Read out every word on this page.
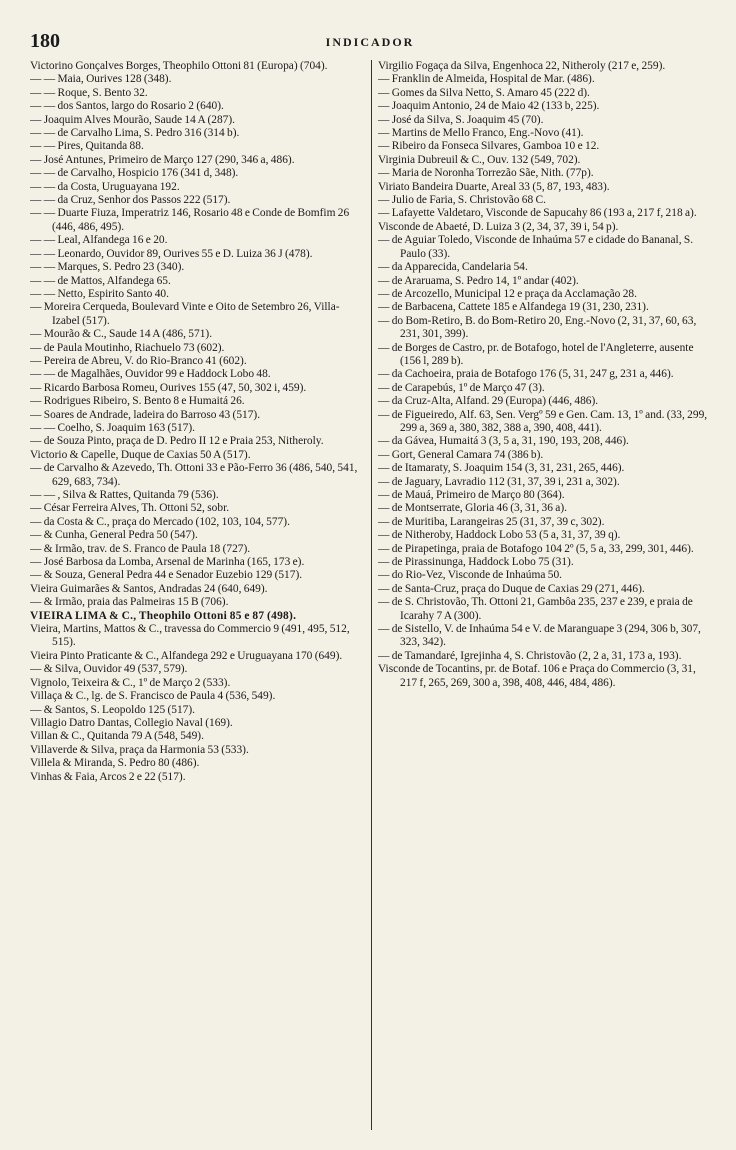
180	INDICADOR

Victorino Gonçalves Borges, Theophilo Ottoni 81 (Europa) (704).

— — Maia, Ourives 128 (348).

— — Roque, S. Bento 32.

— — dos Santos, largo do Rosario 2 (640).

— Joaquim Alves Mourão, Saude 14 A (287).

— — de Carvalho Lima, S. Pedro 316 (314 b).

— — Pires, Quitanda 88.

— José Antunes, Primeiro de Março 127 (290, 346 a, 486).

— — de Carvalho, Hospicio 176 (341 d, 348).

— — da Costa, Uruguayana 192.

— — da Cruz, Senhor dos Passos 222 (517).

— — Duarte Fiuza, Imperatriz 146, Rosario 48 e Conde de Bomfim 26 (446, 486, 495).

— — Leal, Alfandega 16 e 20.

— — Leonardo, Ouvidor 89, Ourives 55 e D. Luiza 36 J (478).

— — Marques, S. Pedro 23 (340).

— — de Mattos, Alfandega 65.

— — Netto, Espirito Santo 40.

— Moreira Cerqueda, Boulevard Vinte e Oito de Setembro 26, Villa-Izabel (517).

— Mourão & C., Saude 14 A (486, 571).

— de Paula Moutinho, Riachuelo 73 (602).

— Pereira de Abreu, V. do Rio-Branco 41 (602).

— — de Magalhães, Ouvidor 99 e Haddock Lobo 48.

— Ricardo Barbosa Romeu, Ourives 155 (47, 50, 302 i, 459).

— Rodrigues Ribeiro, S. Bento 8 e Humaitá 26.

— Soares de Andrade, ladeira do Barroso 43 (517).

— — Coelho, S. Joaquim 163 (517).

— de Souza Pinto, praça de D. Pedro II 12 e Praia 253, Nitheroly.

Victorio & Capelle, Duque de Caxias 50 A (517).

— de Carvalho & Azevedo, Th. Ottoni 33 e Pão-Ferro 36 (486, 540, 541, 629, 683, 734).

— — , Silva & Rattes, Quitanda 79 (536).

— César Ferreira Alves, Th. Ottoni 52, sobr.

— da Costa & C., praça do Mercado (102, 103, 104, 577).

— & Cunha, General Pedra 50 (547).

— & Irmão, trav. de S. Franco de Paula 18 (727).

— José Barbosa da Lomba, Arsenal de Marinha (165, 173 e).

— & Souza, General Pedra 44 e Senador Euzebio 129 (517).

Vieira Guimarães & Santos, Andradas 24 (640, 649).

— & Irmão, praia das Palmeiras 15 B (706).

VIEIRA LIMA & C., Theophilo Ottoni 85 e 87 (498).

Vieira, Martins, Mattos & C., travessa do Commercio 9 (491, 495, 512, 515).

Vieira Pinto Praticante & C., Alfandega 292 e Uruguayana 170 (649).

— & Silva, Ouvidor 49 (537, 579).

Vignolo, Teixeira & C., 1º de Março 2 (533).

Villaça & C., lg. de S. Francisco de Paula 4 (536, 549).

— & Santos, S. Leopoldo 125 (517).

Villagio Datro Dantas, Collegio Naval (169).

Villan & C., Quitanda 79 A (548, 549).

Villaverde & Silva, praça da Harmonia 53 (533).

Villela & Miranda, S. Pedro 80 (486).

Vinhas & Faia, Arcos 2 e 22 (517).

Virgilio Fogaça da Silva, Engenhoca 22, Nitheroly (217 e, 259).

— Franklin de Almeida, Hospital de Mar. (486).

— Gomes da Silva Netto, S. Amaro 45 (222 d).

— Joaquim Antonio, 24 de Maio 42 (133 b, 225).

— José da Silva, S. Joaquim 45 (70).

— Martins de Mello Franco, Eng.-Novo (41).

— Ribeiro da Fonseca Silvares, Gamboa 10 e 12.

Virginia Dubreuil & C., Ouv. 132 (549, 702).

— Maria de Noronha Torrezão Sãe, Nith. (77p).

Viriato Bandeira Duarte, Areal 33 (5, 87, 193, 483).

— Julio de Faria, S. Christovão 68 C.

— Lafayette Valdetaro, Visconde de Sapucahy 86 (193 a, 217 f, 218 a).

Visconde de Abaeté, D. Luiza 3 (2, 34, 37, 39 i, 54 p).

— de Aguiar Toledo, Visconde de Inhaúma 57 e cidade do Bananal, S. Paulo (33).

— da Apparecida, Candelaria 54.

— de Araruama, S. Pedro 14, 1º andar (402).

— de Arcozello, Municipal 12 e praça da Acclamação 28.

— de Barbacena, Cattete 185 e Alfandega 19 (31, 230, 231).

— do Bom-Retiro, B. do Bom-Retiro 20, Eng.-Novo (2, 31, 37, 60, 63, 231, 301, 399).

— de Borges de Castro, pr. de Botafogo, hotel de l'Angleterre, ausente (156 l, 289 b).

— da Cachoeira, praia de Botafogo 176 (5, 31, 247 g, 231 a, 446).

— de Carapebús, 1º de Março 47 (3).

— da Cruz-Alta, Alfand. 29 (Europa) (446, 486).

— de Figueiredo, Alf. 63, Sen. Vergº 59 e Gen. Cam. 13, 1º and. (33, 299, 299 a, 369 a, 380, 382, 388 a, 390, 408, 441).

— da Gávea, Humaitá 3 (3, 5 a, 31, 190, 193, 208, 446).

— Gort, General Camara 74 (386 b).

— de Itamaraty, S. Joaquim 154 (3, 31, 231, 265, 446).

— de Jaguary, Lavradio 112 (31, 37, 39 i, 231 a, 302).

— de Mauá, Primeiro de Março 80 (364).

— de Montserrate, Gloria 46 (3, 31, 36 a).

— de Muritiba, Larangeiras 25 (31, 37, 39 c, 302).

— de Nitheroby, Haddock Lobo 53 (5 a, 31, 37, 39 q).

— de Pirapetinga, praia de Botafogo 104 2º (5, 5 a, 33, 299, 301, 446).

— de Pirassinunga, Haddock Lobo 75 (31).

— do Rio-Vez, Visconde de Inhaúma 50.

— de Santa-Cruz, praça do Duque de Caxias 29 (271, 446).

— de S. Christovão, Th. Ottoni 21, Gambôa 235, 237 e 239, e praia de Icarahy 7 A (300).

— de Sistello, V. de Inhaúma 54 e V. de Maranguape 3 (294, 306 b, 307, 323, 342).

— de Tamandaré, Igrejinha 4, S. Christovão (2, 2 a, 31, 173 a, 193).

Visconde de Tocantins, pr. de Botaf. 106 e Praça do Commercio (3, 31, 217 f, 265, 269, 300 a, 398, 408, 446, 484, 486).
